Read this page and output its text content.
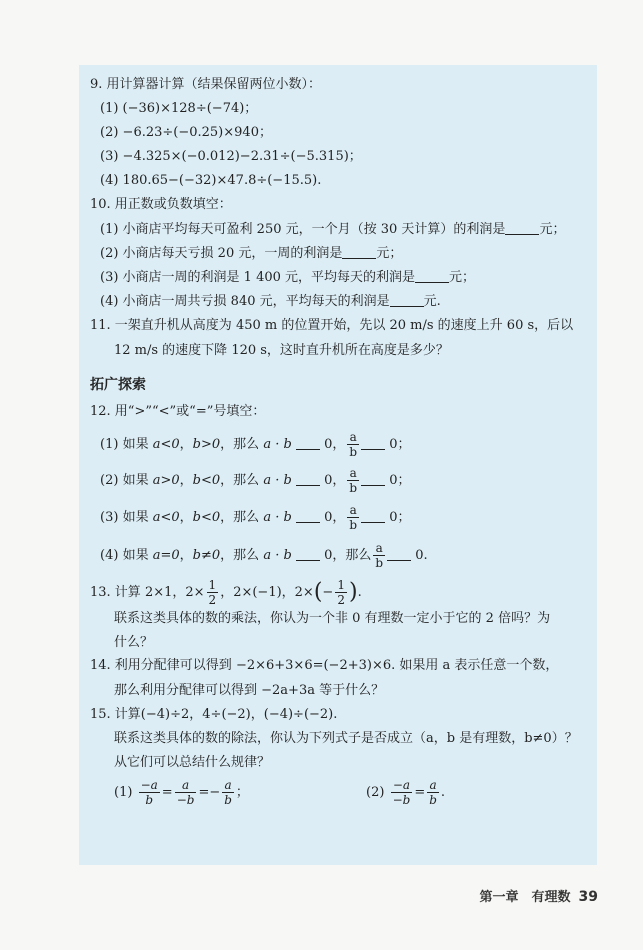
9. 用计算器计算（结果保留两位小数）：
(1) (−36)×128÷(−74)；
(2) −6.23÷(−0.25)×940；
(3) −4.325×(−0.012)−2.31÷(−5.315)；
(4) 180.65−(−32)×47.8÷(−15.5).
10. 用正数或负数填空：
(1) 小商店平均每天可盈利 250 元，一个月（按 30 天计算）的利润是	元；
(2) 小商店每天亏损 20 元，一周的利润是	元；
(3) 小商店一周的利润是 1 400 元，平均每天的利润是	元；
(4) 小商店一周共亏损 840 元，平均每天的利润是	元.
11. 一架直升机从高度为 450 m 的位置开始，先以 20 m/s 的速度上升 60 s，后以
12 m/s 的速度下降 120 s，这时直升机所在高度是多少？
拓广探索
12. 用“>”“<”或“=”号填空：
(1) 如果 a<0，b>0，那么 a · b 0， $\frac{a}{b} 0$；
(2) 如果 a>0，b<0，那么 a · b 0， $\frac{a}{b} 0$；
(3) 如果 a<0，b<0，那么 a · b 0， $\frac{a}{b} 0$；
(4) 如果 a=0，b≠0，那么 a · b 0，那么 $\frac{a}{b} 0$.
13. 计算 2×1，$2\times \frac{1}{2}$ ，2×(−1)，$2\times(- \frac{1}{2}$ ).
联系这类具体的数的乘法，你认为一个非 0 有理数一定小于它的 2 倍吗？为
什么？
14. 利用分配律可以得到 −2×6+3×6=(−2+3)×6. 如果用 a 表示任意一个数，
那么利用分配律可以得到 −2a+3a 等于什么？
15. 计算(−4)÷2，4÷(−2)，(−4)÷(−2).
联系这类具体的数的除法，你认为下列式子是否成立（a，b 是有理数，b≠0）？
从它们可以总结什么规律？
$(1) \frac{-a}{b} = \frac{a}{-b} =- \frac{a}{b}$ ；	$(2) \frac{-a}{-b} = \frac{a}{b}$ .
第一章　有理数 39
